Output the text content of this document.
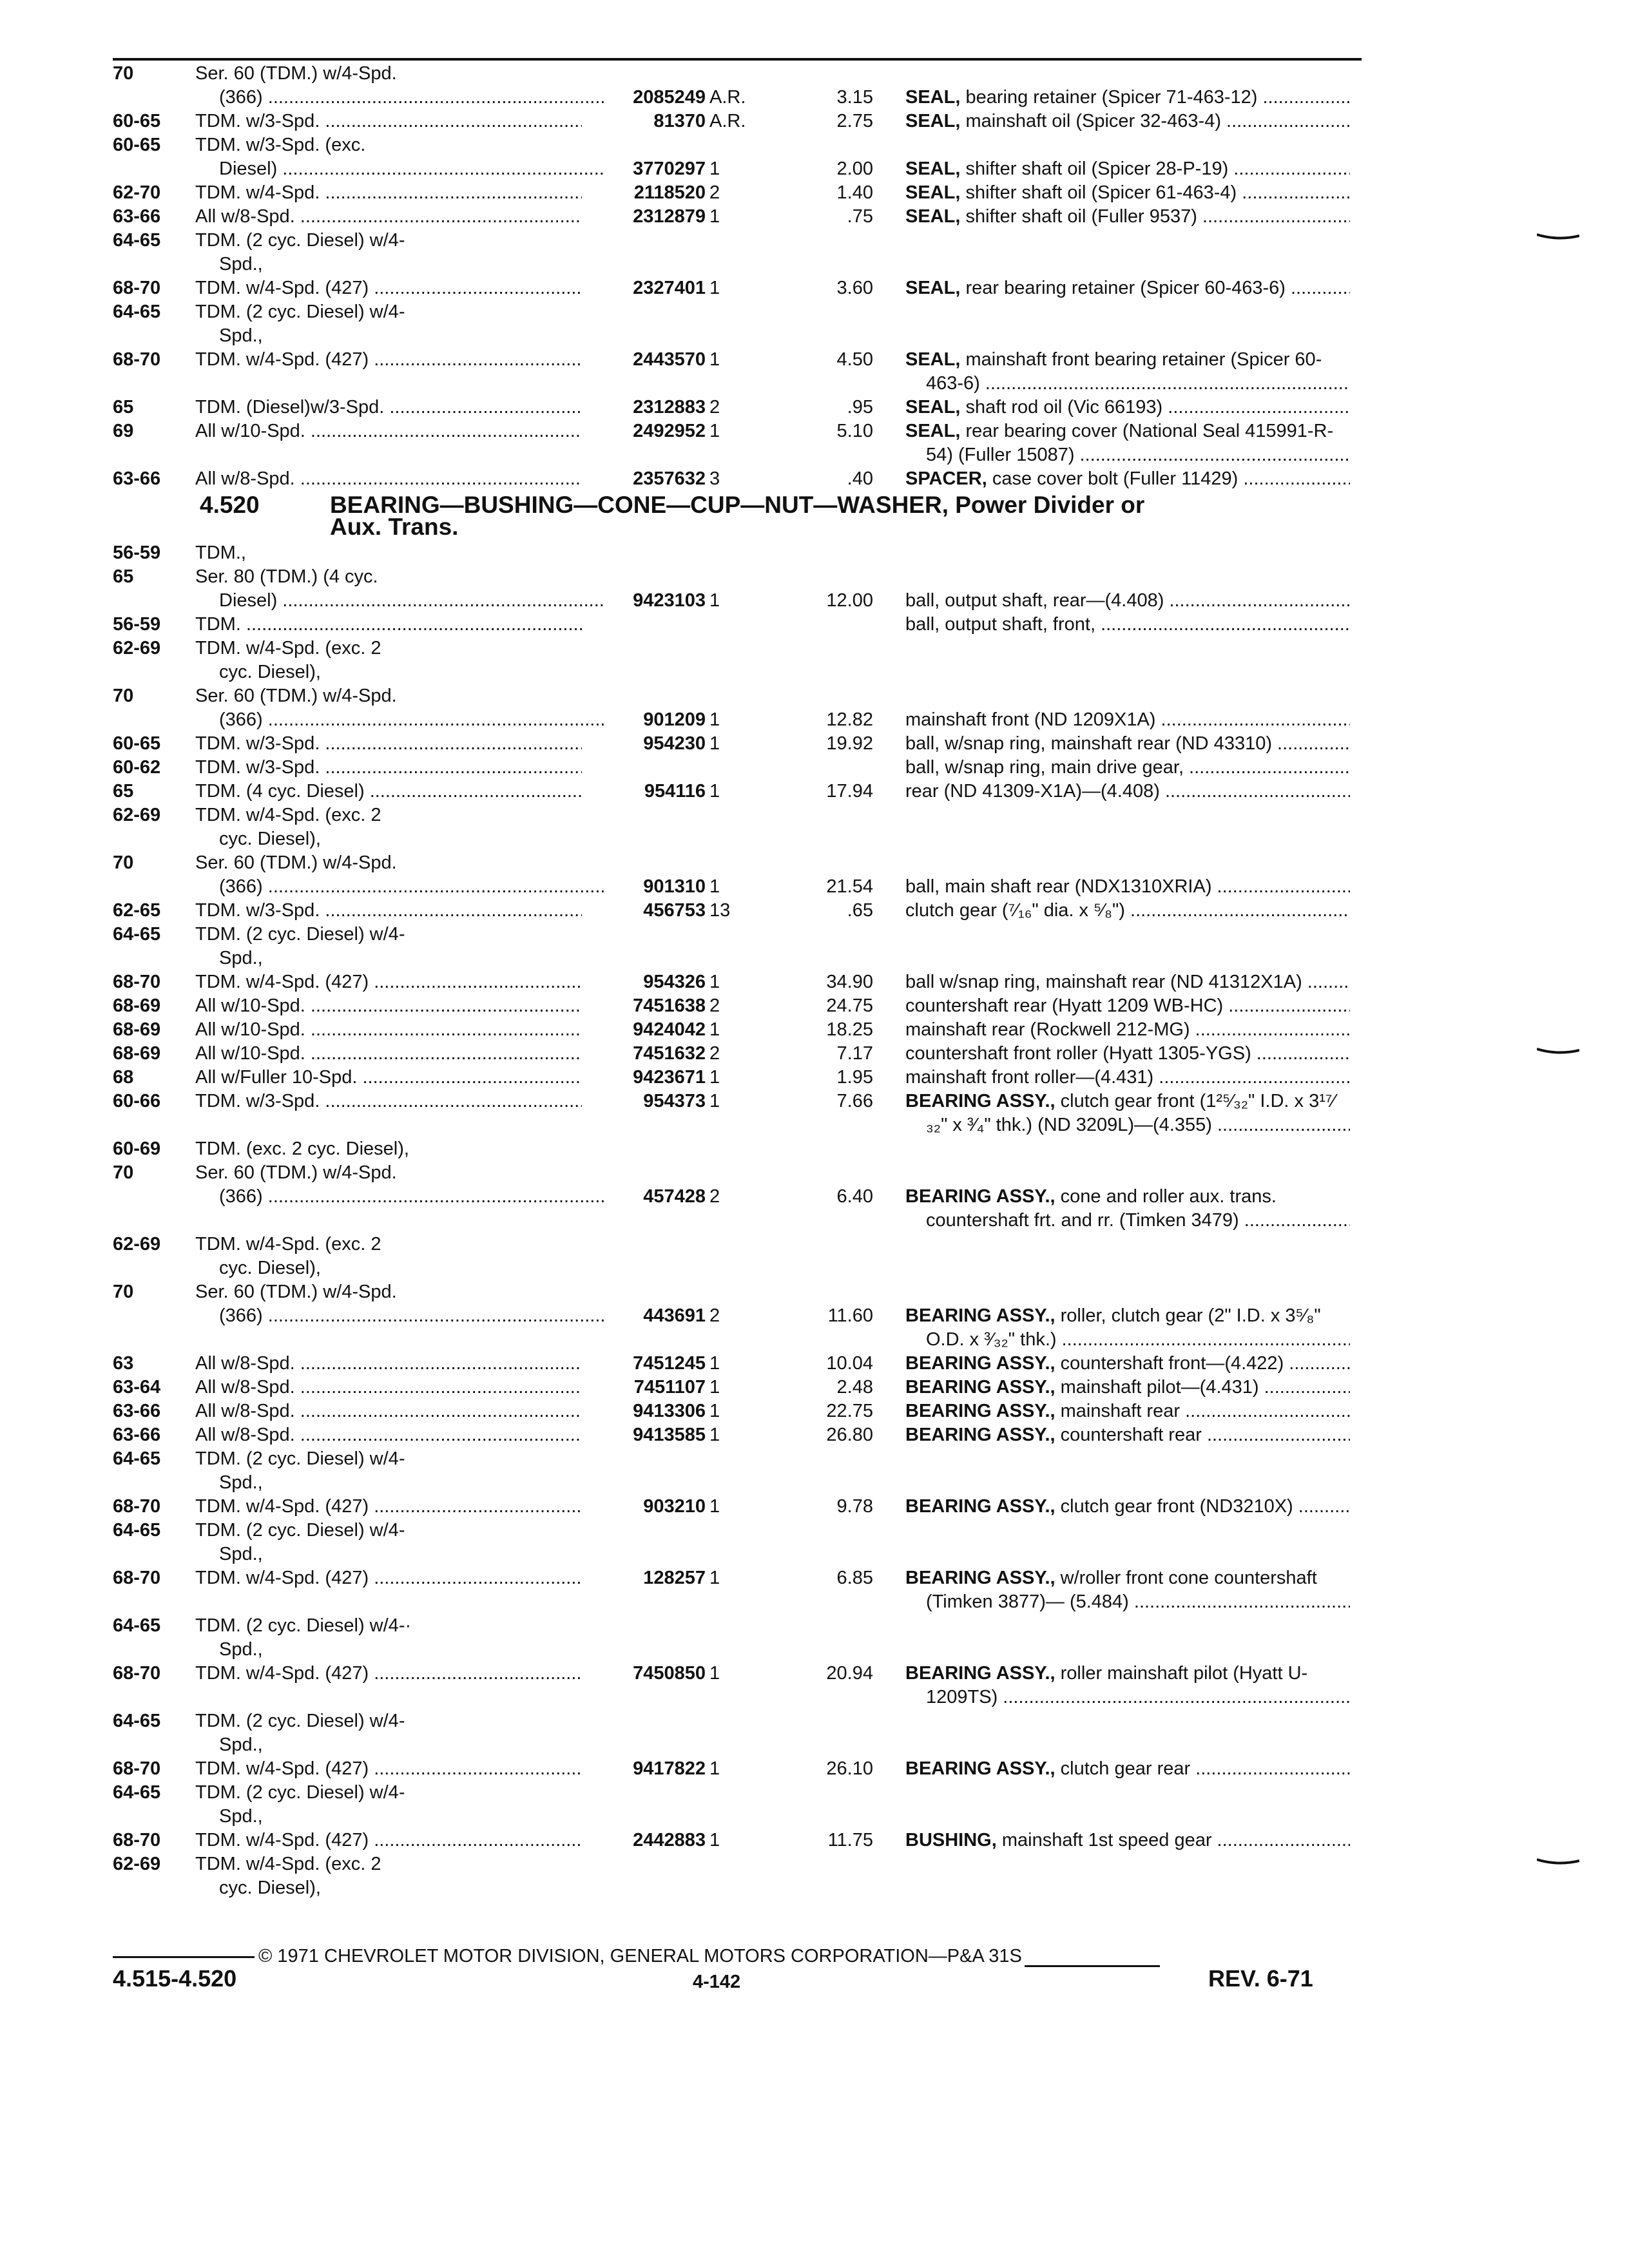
70	Ser. 60 (TDM.) w/4-Spd.
(366) .....	2085249 A.R.	3.15 SEAL, bearing retainer (Spicer 71-463-12) .....
60-65 TDM. w/3-Spd. .....	81370 A.R.	2.75 SEAL, mainshaft oil (Spicer 32-463-4) .....
60-65 TDM. w/3-Spd. (exc.
Diesel) .....	3770297 1	2.00 SEAL, shifter shaft oil (Spicer 28-P-19) .....
62-70 TDM. w/4-Spd. .....	2118520 2	1.40 SEAL, shifter shaft oil (Spicer 61-463-4) .....
63-66 All w/8-Spd. .....	2312879 1	.75 SEAL, shifter shaft oil (Fuller 9537) .....
64-65 TDM. (2 cyc. Diesel) w/4-
Spd.,
68-70 TDM. w/4-Spd. (427) .....	2327401 1	3.60 SEAL, rear bearing retainer (Spicer 60-463-6) .....
64-65 TDM. (2 cyc. Diesel) w/4-
Spd.,
68-70 TDM. w/4-Spd. (427) .....	2443570 1	4.50 SEAL, mainshaft front bearing retainer (Spicer 60-
463-6) .....
65	TDM. (Diesel)w/3-Spd. .....	2312883 2	.95 SEAL, shaft rod oil (Vic 66193) .....
69	All w/10-Spd. .....	2492952 1	5.10 SEAL, rear bearing cover (National Seal 415991-R-
54) (Fuller 15087) .....
63-66 All w/8-Spd. .....	2357632 3	.40 SPACER, case cover bolt (Fuller 11429) .....
4.520	BEARING—BUSHING—CONE—CUP—NUT—WASHER, Power Divider or
Aux. Trans.
56-59 TDM.,
65	Ser. 80 (TDM.) (4 cyc.
Diesel) .....	9423103 1	12.00 ball, output shaft, rear—(4.408) .....
56-59 TDM. .....	ball, output shaft, front, .....
62-69 TDM. w/4-Spd. (exc. 2
cyc. Diesel),
70	Ser. 60 (TDM.) w/4-Spd.
(366) .....	901209 1	12.82 mainshaft front (ND 1209X1A) .....
60-65 TDM. w/3-Spd. .....	954230 1	19.92 ball, w/snap ring, mainshaft rear (ND 43310) .....
60-62 TDM. w/3-Spd. .....	ball, w/snap ring, main drive gear, .....
65	TDM. (4 cyc. Diesel) .....	954116 1	17.94 rear (ND 41309-X1A)—(4.408) .....
62-69 TDM. w/4-Spd. (exc. 2
cyc. Diesel),
70	Ser. 60 (TDM.) w/4-Spd.
(366) .....	901310 1	21.54 ball, main shaft rear (NDX1310XRIA) .....
62-65 TDM. w/3-Spd. .....	456753 13	.65 clutch gear (⁷⁄₁₆" dia. x ⁵⁄₈") .....
64-65 TDM. (2 cyc. Diesel) w/4-
Spd.,
68-70 TDM. w/4-Spd. (427) .....	954326 1	34.90 ball w/snap ring, mainshaft rear (ND 41312X1A) .....
68-69 All w/10-Spd. .....	7451638 2	24.75 countershaft rear (Hyatt 1209 WB-HC) .....
68-69 All w/10-Spd. .....	9424042 1	18.25 mainshaft rear (Rockwell 212-MG) .....
68-69 All w/10-Spd. .....	7451632 2	7.17 countershaft front roller (Hyatt 1305-YGS) .....
68	All w/Fuller 10-Spd. .....	9423671 1	1.95 mainshaft front roller—(4.431) .....
60-66 TDM. w/3-Spd. .....	954373 1	7.66 BEARING ASSY., clutch gear front (1²⁵⁄₃₂" I.D. x 3¹⁷⁄
₃₂" x ³⁄₄" thk.) (ND 3209L)—(4.355) .....
60-69 TDM. (exc. 2 cyc. Diesel),
70	Ser. 60 (TDM.) w/4-Spd.
(366) .....	457428 2	6.40 BEARING ASSY., cone and roller aux. trans.
countershaft frt. and rr. (Timken 3479) .....
62-69 TDM. w/4-Spd. (exc. 2
cyc. Diesel),
70	Ser. 60 (TDM.) w/4-Spd.
(366) .....	443691 2	11.60 BEARING ASSY., roller, clutch gear (2" I.D. x 3⁵⁄₈"
O.D. x ³⁄₃₂" thk.) .....
63	All w/8-Spd. .....	7451245 1	10.04 BEARING ASSY., countershaft front—(4.422) .....
63-64 All w/8-Spd. .....	7451107 1	2.48 BEARING ASSY., mainshaft pilot—(4.431) .....
63-66 All w/8-Spd. .....	9413306 1	22.75 BEARING ASSY., mainshaft rear .....
63-66 All w/8-Spd. .....	9413585 1	26.80 BEARING ASSY., countershaft rear .....
64-65 TDM. (2 cyc. Diesel) w/4-
Spd.,
68-70 TDM. w/4-Spd. (427) .....	903210 1	9.78 BEARING ASSY., clutch gear front (ND3210X) .....
64-65 TDM. (2 cyc. Diesel) w/4-
Spd.,
68-70 TDM. w/4-Spd. (427) .....	128257 1	6.85 BEARING ASSY., w/roller front cone countershaft
(Timken 3877)— (5.484) .....
64-65 TDM. (2 cyc. Diesel) w/4-·
Spd.,
68-70 TDM. w/4-Spd. (427) .....	7450850 1	20.94 BEARING ASSY., roller mainshaft pilot (Hyatt U-
1209TS) .....
64-65 TDM. (2 cyc. Diesel) w/4-
Spd.,
68-70 TDM. w/4-Spd. (427) .....	9417822 1	26.10 BEARING ASSY., clutch gear rear .....
64-65 TDM. (2 cyc. Diesel) w/4-
Spd.,
68-70 TDM. w/4-Spd. (427) .....	2442883 1	11.75 BUSHING, mainshaft 1st speed gear .....
62-69 TDM. w/4-Spd. (exc. 2
cyc. Diesel),
© 1971 CHEVROLET MOTOR DIVISION, GENERAL MOTORS CORPORATION—P&A 31S
4.515-4.520	4-142	REV. 6-71
